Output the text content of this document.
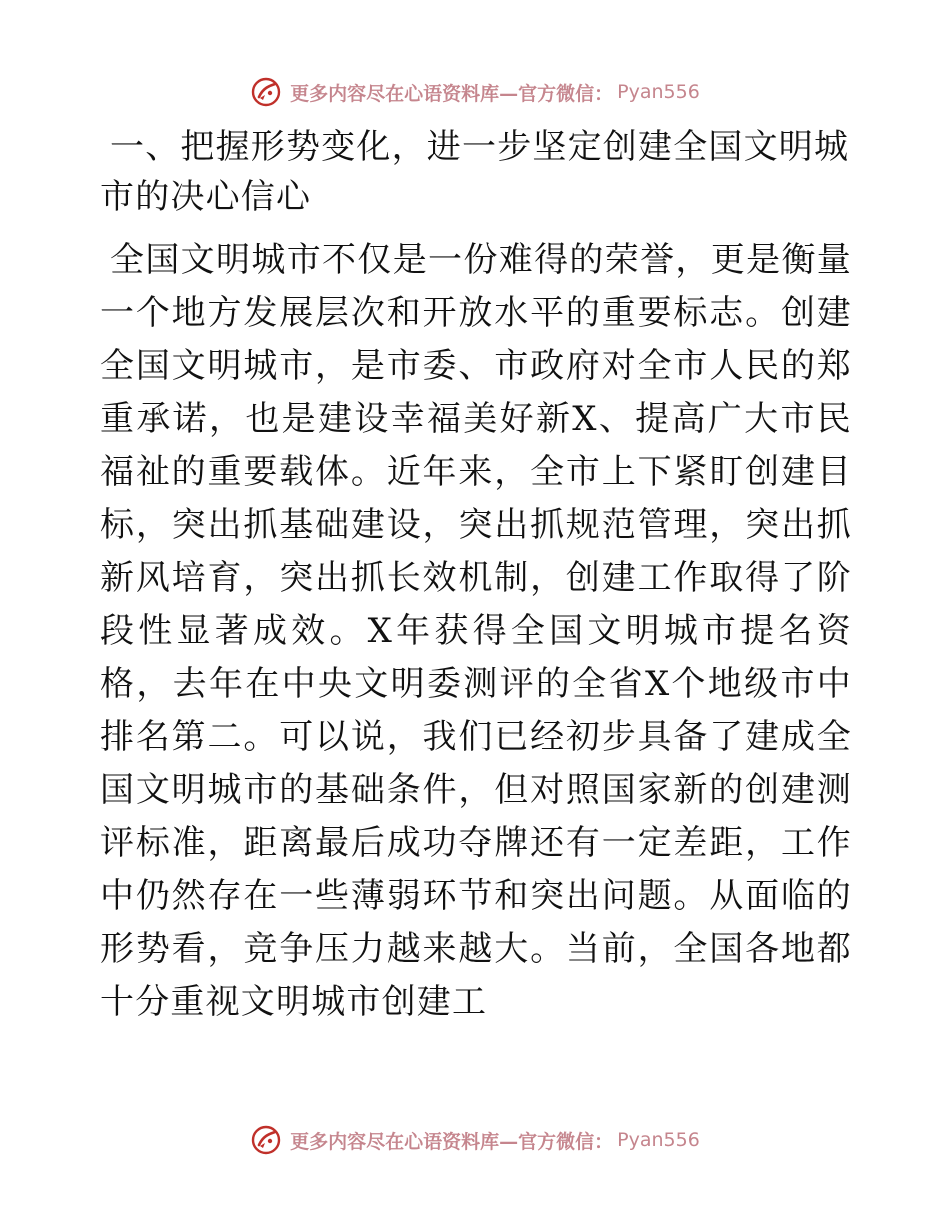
更多内容尽在心语资料库—官方微信： Pyan556
一、把握形势变化，进一步坚定创建全国文明城市的决心信心

全国文明城市不仅是一份难得的荣誉，更是衡量一个地方发展层次和开放水平的重要标志。创建全国文明城市，是市委、市政府对全市人民的郑重承诺，也是建设幸福美好新X、提高广大市民福祉的重要载体。近年来，全市上下紧盯创建目标，突出抓基础建设，突出抓规范管理，突出抓新风培育，突出抓长效机制，创建工作取得了阶段性显著成效。X年获得全国文明城市提名资格，去年在中央文明委测评的全省X个地级市中排名第二。可以说，我们已经初步具备了建成全国文明城市的基础条件，但对照国家新的创建测评标准，距离最后成功夺牌还有一定差距，工作中仍然存在一些薄弱环节和突出问题。从面临的形势看，竞争压力越来越大。当前，全国各地都十分重视文明城市创建工

更多内容尽在心语资料库—官方微信： Pyan556
